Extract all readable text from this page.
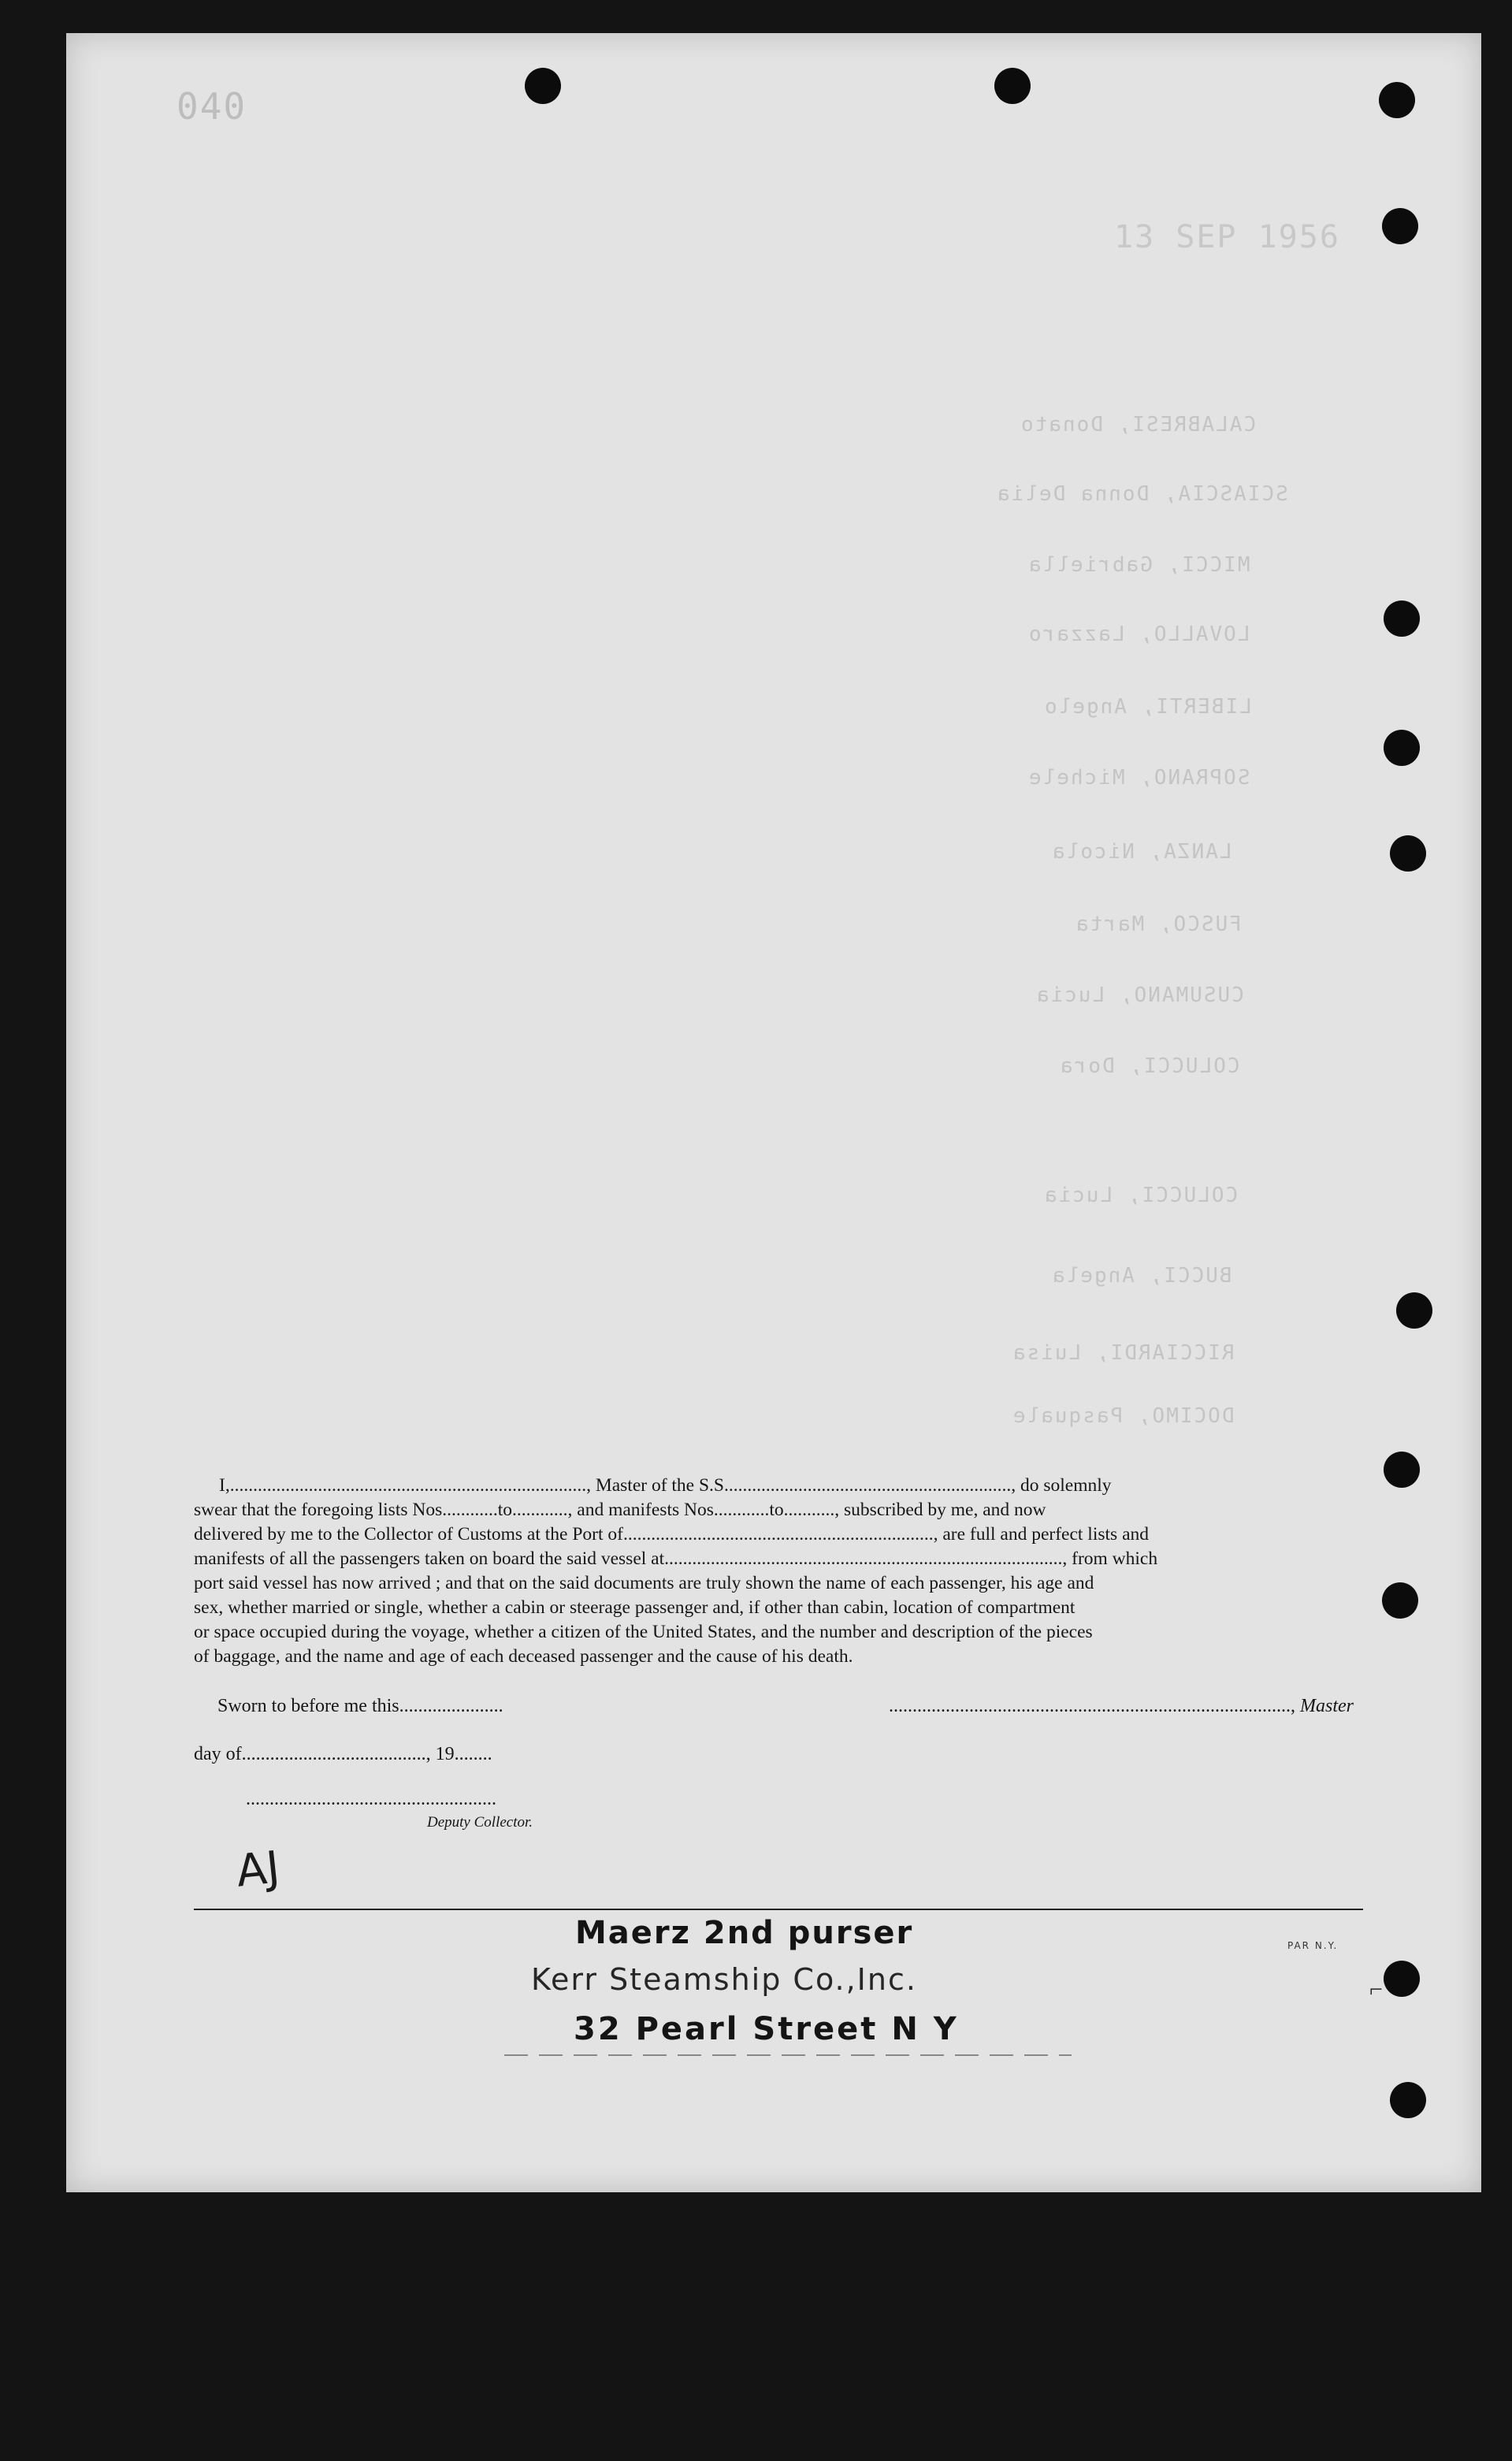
040
13 SEP 1956
CALABRESI, Donato
SCIASCIA, Donna Delia
MICCI, Gabriella
LOVALLO, Lazzaro
LIBERTI, Angelo
SOPRANO, Michele
LANZA, Nicola
FUSCO, Marta
CUSUMANO, Lucia
COLUCCI, Dora
COLUCCI, Lucia
BUCCI, Angela
RICCIARDI, Luisa
DOCIMO, Pasquale

I,............................................................................., Master of the S.S.............................................................., do solemnly

swear that the foregoing lists Nos............to............, and manifests Nos............to..........., subscribed by me, and now

delivered by me to the Collector of Customs at the Port of..................................................................., are full and perfect lists and

manifests of all the passengers taken on board the said vessel at......................................................................................, from which

port said vessel has now arrived ; and that on the said documents are truly shown the name of each passenger, his age and

sex, whether married or single, whether a cabin or steerage passenger and, if other than cabin, location of compartment

or space occupied during the voyage, whether a citizen of the United States, and the number and description of the pieces

of baggage, and the name and age of each deceased passenger and the cause of his death.

Sworn to before me this......................	....................................................................................., Master
day of......................................., 19........
.....................................................
Deputy Collector.
AJ
PAR N.Y.
Maerz 2nd purser
Kerr Steamship Co.,Inc.
32 Pearl Street N Y
⌐
